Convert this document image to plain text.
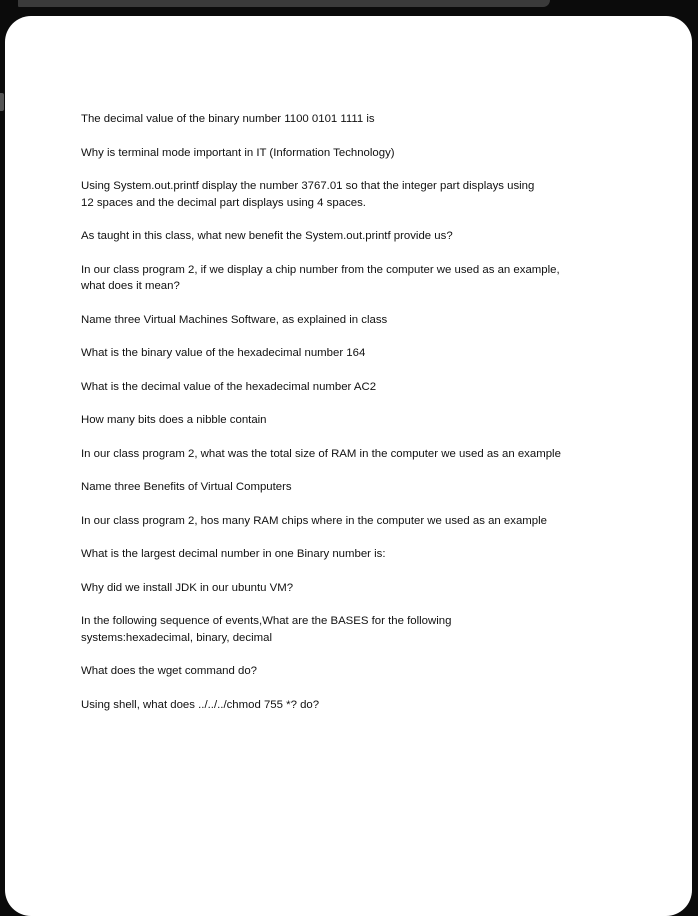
The decimal value of the binary number 1100 0101 1111 is
Why is terminal mode important in IT (Information Technology)
Using System.out.printf display the number 3767.01 so that the integer part displays using
12 spaces and the decimal part displays using 4 spaces.
As taught in this class, what new benefit the System.out.printf provide us?
In our class program 2, if we display a chip number from the computer we used as an example,
what does it mean?
Name three Virtual Machines Software, as explained in class
What is the binary value of the hexadecimal number 164
What is the decimal value of the hexadecimal number AC2
How many bits does a nibble contain
In our class program 2, what was the total size of RAM in the computer we used as an example
Name three Benefits of Virtual Computers
In our class program 2, hos many RAM chips where in the computer we used as an example
What is the largest decimal number in one Binary number is:
Why did we install JDK in our ubuntu VM?
In the following sequence of events,What are the BASES for the following
systems:hexadecimal, binary, decimal
What does the wget command do?
Using shell, what does ../../../chmod 755 *? do?
